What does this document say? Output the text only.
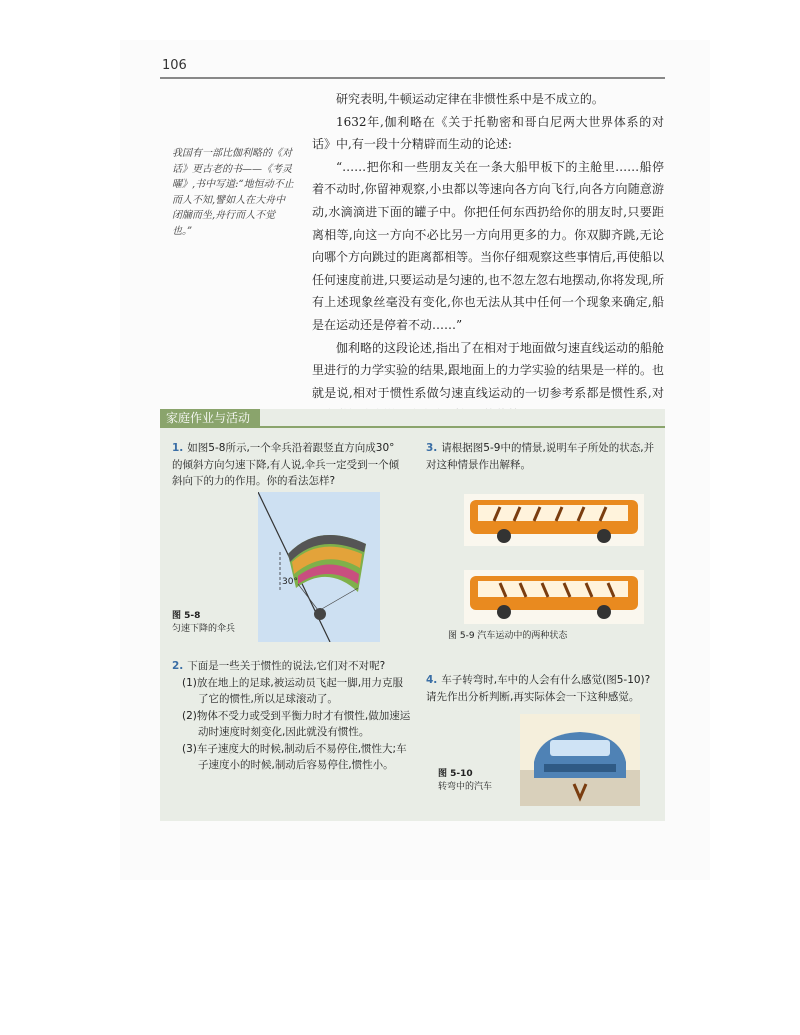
106
我国有一部比伽利略的《对话》更古老的书——《考灵曜》,书中写道:“地恒动不止而人不知,譬如人在大舟中闭牖而坐,舟行而人不觉也。”

研究表明,牛顿运动定律在非惯性系中是不成立的。

1632年,伽利略在《关于托勒密和哥白尼两大世界体系的对话》中,有一段十分精辟而生动的论述:

“……把你和一些朋友关在一条大船甲板下的主舱里……船停着不动时,你留神观察,小虫都以等速向各方向飞行,向各方向随意游动,水滴滴进下面的罐子中。你把任何东西扔给你的朋友时,只要距离相等,向这一方向不必比另一方向用更多的力。你双脚齐跳,无论向哪个方向跳过的距离都相等。当你仔细观察这些事情后,再使船以任何速度前进,只要运动是匀速的,也不忽左忽右地摆动,你将发现,所有上述现象丝毫没有变化,你也无法从其中任何一个现象来确定,船是在运动还是停着不动……”

伽利略的这段论述,指出了在相对于地面做匀速直线运动的船舱里进行的力学实验的结果,跟地面上的力学实验的结果是一样的。也就是说,相对于惯性系做匀速直线运动的一切参考系都是惯性系,对

家庭作业与活动
1. 如图5-8所示,一个伞兵沿着跟竖直方向成30°的倾斜方向匀速下降,有人说,伞兵一定受到一个倾斜向下的力的作用。你的看法怎样?
30°
图 5-8
匀速下降的伞兵
2. 下面是一些关于惯性的说法,它们对不对呢?
(1)放在地上的足球,被运动员飞起一脚,用力克服了它的惯性,所以足球滚动了。
(2)物体不受力或受到平衡力时才有惯性,做加速运动时速度时刻变化,因此就没有惯性。
(3)车子速度大的时候,制动后不易停住,惯性大;车子速度小的时候,制动后容易停住,惯性小。
3. 请根据图5-9中的情景,说明车子所处的状态,并对这种情景作出解释。
图 5-9 汽车运动中的两种状态
4. 车子转弯时,车中的人会有什么感觉(图5-10)?请先作出分析判断,再实际体会一下这种感觉。
图 5-10
转弯中的汽车
